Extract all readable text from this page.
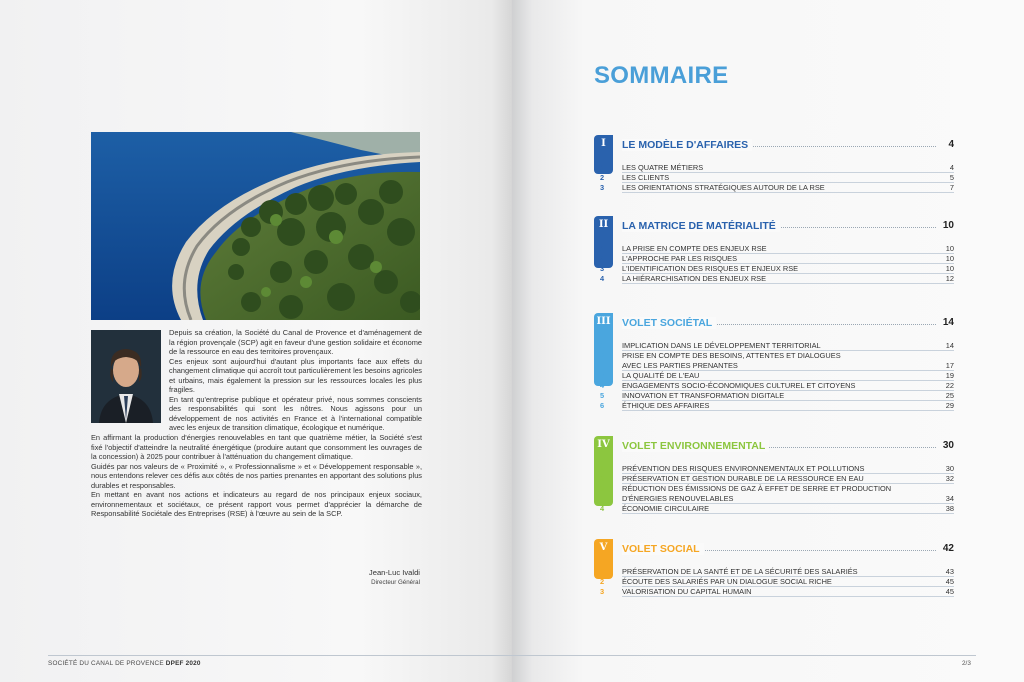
Depuis sa création, la Société du Canal de Provence et d'aménagement de la région provençale (SCP) agit en faveur d'une gestion solidaire et économe de la ressource en eau des territoires provençaux.

Ces enjeux sont aujourd'hui d'autant plus importants face aux effets du changement climatique qui accroît tout particulièrement les besoins agricoles et urbains, mais également la pression sur les ressources locales les plus fragiles.

En tant qu'entreprise publique et opérateur privé, nous sommes conscients des responsabilités qui sont les nôtres. Nous agissons pour un développement de nos activités en France et à l'international compatible avec les enjeux de transition climatique, écologique et numérique.

En affirmant la production d'énergies renouvelables en tant que quatrième métier, la Société s'est fixé l'objectif d'atteindre la neutralité énergétique (produire autant que consomment les ouvrages de la concession) à 2025 pour contribuer à l'atténuation du changement climatique.

Guidés par nos valeurs de « Proximité », « Professionnalisme » et « Développement responsable », nous entendons relever ces défis aux côtés de nos parties prenantes en apportant des solutions plus durables et responsables.

En mettant en avant nos actions et indicateurs au regard de nos principaux enjeux sociaux, environnementaux et sociétaux, ce présent rapport vous permet d'apprécier la démarche de Responsabilité Sociétale des Entreprises (RSE) à l'œuvre au sein de la SCP.

Jean-Luc Ivaldi
Directeur Général
SOCIÉTÉ DU CANAL DE PROVENCE DPEF 2020	2/3
SOMMAIRE
I	LE MODÈLE D'AFFAIRES	4
1 LES QUATRE MÉTIERS	4
2 LES CLIENTS	5
3 LES ORIENTATIONS STRATÉGIQUES AUTOUR DE LA RSE	7
II	LA MATRICE DE MATÉRIALITÉ	10
1 LA PRISE EN COMPTE DES ENJEUX RSE	10
2 L'APPROCHE PAR LES RISQUES	10
3 L'IDENTIFICATION DES RISQUES ET ENJEUX RSE	10
4 LA HIÉRARCHISATION DES ENJEUX RSE	12
III VOLET SOCIÉTAL	14
1 IMPLICATION DANS LE DÉVELOPPEMENT TERRITORIAL	14
2 PRISE EN COMPTE DES BESOINS, ATTENTES ET DIALOGUES
AVEC LES PARTIES PRENANTES	17
3 LA QUALITÉ DE L'EAU	19
4 ENGAGEMENTS SOCIO-ÉCONOMIQUES CULTUREL ET CITOYENS	22
5 INNOVATION ET TRANSFORMATION DIGITALE	25
6 ÉTHIQUE DES AFFAIRES	29
IV	VOLET ENVIRONNEMENTAL	30
1 PRÉVENTION DES RISQUES ENVIRONNEMENTAUX ET POLLUTIONS	30
2 PRÉSERVATION ET GESTION DURABLE DE LA RESSOURCE EN EAU	32
3 RÉDUCTION DES ÉMISSIONS DE GAZ À EFFET DE SERRE ET PRODUCTION
D'ÉNERGIES RENOUVELABLES	34
4 ÉCONOMIE CIRCULAIRE	38
V	VOLET SOCIAL	42
1 PRÉSERVATION DE LA SANTÉ ET DE LA SÉCURITÉ DES SALARIÉS	43
2 ÉCOUTE DES SALARIÉS PAR UN DIALOGUE SOCIAL RICHE	45
3 VALORISATION DU CAPITAL HUMAIN	45
